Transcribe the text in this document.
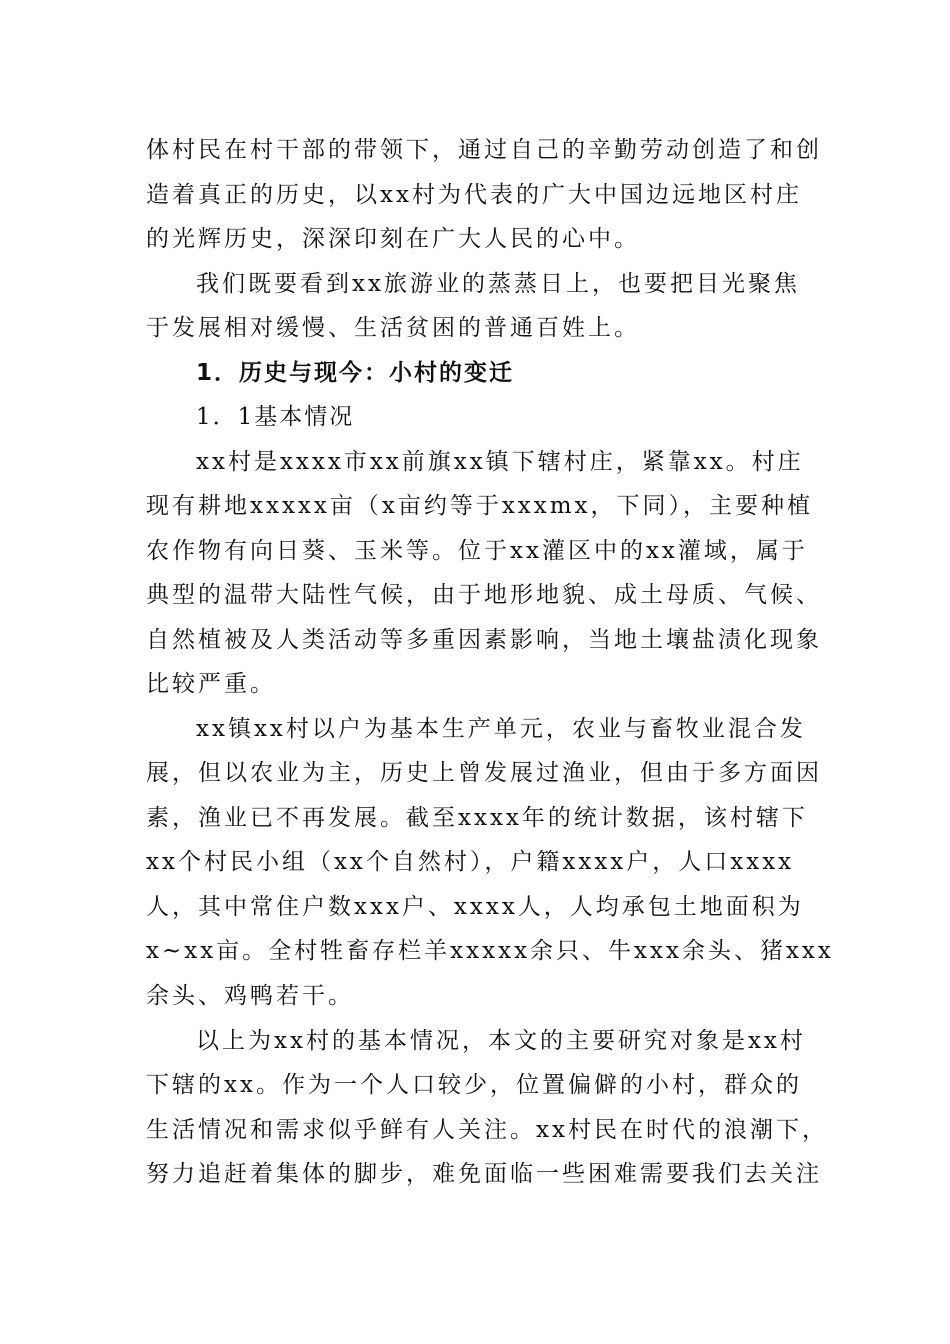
体村民在村干部的带领下，通过自己的辛勤劳动创造了和创
造着真正的历史，以xx村为代表的广大中国边远地区村庄
的光辉历史，深深印刻在广大人民的心中。
我们既要看到xx旅游业的蒸蒸日上，也要把目光聚焦
于发展相对缓慢、生活贫困的普通百姓上。
1．历史与现今：小村的变迁
1．1基本情况
xx村是xxxx市xx前旗xx镇下辖村庄，紧靠xx。村庄
现有耕地xxxxx亩（x亩约等于xxxmx，下同），主要种植
农作物有向日葵、玉米等。位于xx灌区中的xx灌域，属于
典型的温带大陆性气候，由于地形地貌、成土母质、气候、
自然植被及人类活动等多重因素影响，当地土壤盐渍化现象
比较严重。
xx镇xx村以户为基本生产单元，农业与畜牧业混合发
展，但以农业为主，历史上曾发展过渔业，但由于多方面因
素，渔业已不再发展。截至xxxx年的统计数据，该村辖下
xx个村民小组（xx个自然村），户籍xxxx户，人口xxxx
人，其中常住户数xxx户、xxxx人，人均承包土地面积为
x~xx亩。全村牲畜存栏羊xxxxx余只、牛xxx余头、猪xxx
余头、鸡鸭若干。
以上为xx村的基本情况，本文的主要研究对象是xx村
下辖的xx。作为一个人口较少，位置偏僻的小村，群众的
生活情况和需求似乎鲜有人关注。xx村民在时代的浪潮下，
努力追赶着集体的脚步，难免面临一些困难需要我们去关注
